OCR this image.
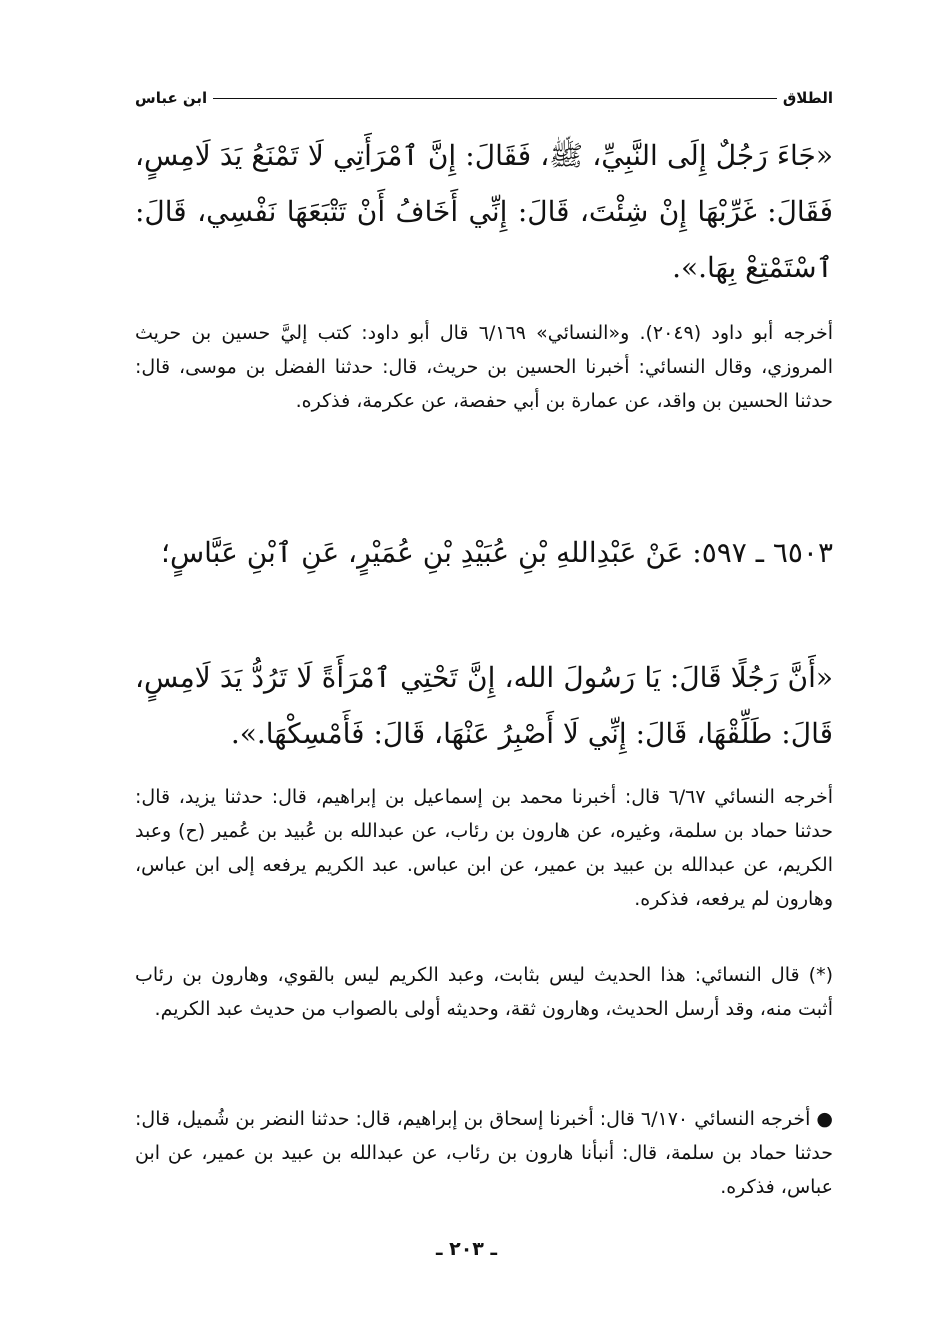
الطلاق
ابن عباس
«جَاءَ رَجُلٌ إِلَى النَّبِيِّ، ﷺ، فَقَالَ: إِنَّ ٱمْرَأَتِي لَا تَمْنَعُ يَدَ لَامِسٍ، فَقَالَ: غَرِّبْهَا إِنْ شِئْتَ، قَالَ: إِنِّي أَخَافُ أَنْ تَتْبَعَهَا نَفْسِي، قَالَ: ٱسْتَمْتِعْ بِهَا.».
أخرجه أبو داود (٢٠٤٩). و«النسائي» ٦/١٦٩ قال أبو داود: كتب إليَّ حسين بن حريث المروزي، وقال النسائي: أخبرنا الحسين بن حريث، قال: حدثنا الفضل بن موسى، قال: حدثنا الحسين بن واقد، عن عمارة بن أبي حفصة، عن عكرمة، فذكره.
٦٥٠٣ ـ ٥٩٧: عَنْ عَبْدِاللهِ بْنِ عُبَيْدِ بْنِ عُمَيْرٍ، عَنِ ٱبْنِ عَبَّاسٍ؛
«أَنَّ رَجُلًا قَالَ: يَا رَسُولَ الله، إِنَّ تَحْتِي ٱمْرَأَةً لَا تَرُدُّ يَدَ لَامِسٍ، قَالَ: طَلِّقْهَا، قَالَ: إِنِّي لَا أَصْبِرُ عَنْهَا، قَالَ: فَأَمْسِكْهَا.».
أخرجه النسائي ٦/٦٧ قال: أخبرنا محمد بن إسماعيل بن إبراهيم، قال: حدثنا يزيد، قال: حدثنا حماد بن سلمة، وغيره، عن هارون بن رئاب، عن عبدالله بن عُبيد بن عُمير (ح) وعبد الكريم، عن عبدالله بن عبيد بن عمير، عن ابن عباس. عبد الكريم يرفعه إلى ابن عباس، وهارون لم يرفعه، فذكره.
(*) قال النسائي: هذا الحديث ليس بثابت، وعبد الكريم ليس بالقوي، وهارون بن رئاب أثبت منه، وقد أرسل الحديث، وهارون ثقة، وحديثه أولى بالصواب من حديث عبد الكريم.
● أخرجه النسائي ٦/١٧٠ قال: أخبرنا إسحاق بن إبراهيم، قال: حدثنا النضر بن شُميل، قال: حدثنا حماد بن سلمة، قال: أنبأنا هارون بن رئاب، عن عبدالله بن عبيد بن عمير، عن ابن عباس، فذكره.
ـ ٢٠٣ ـ
